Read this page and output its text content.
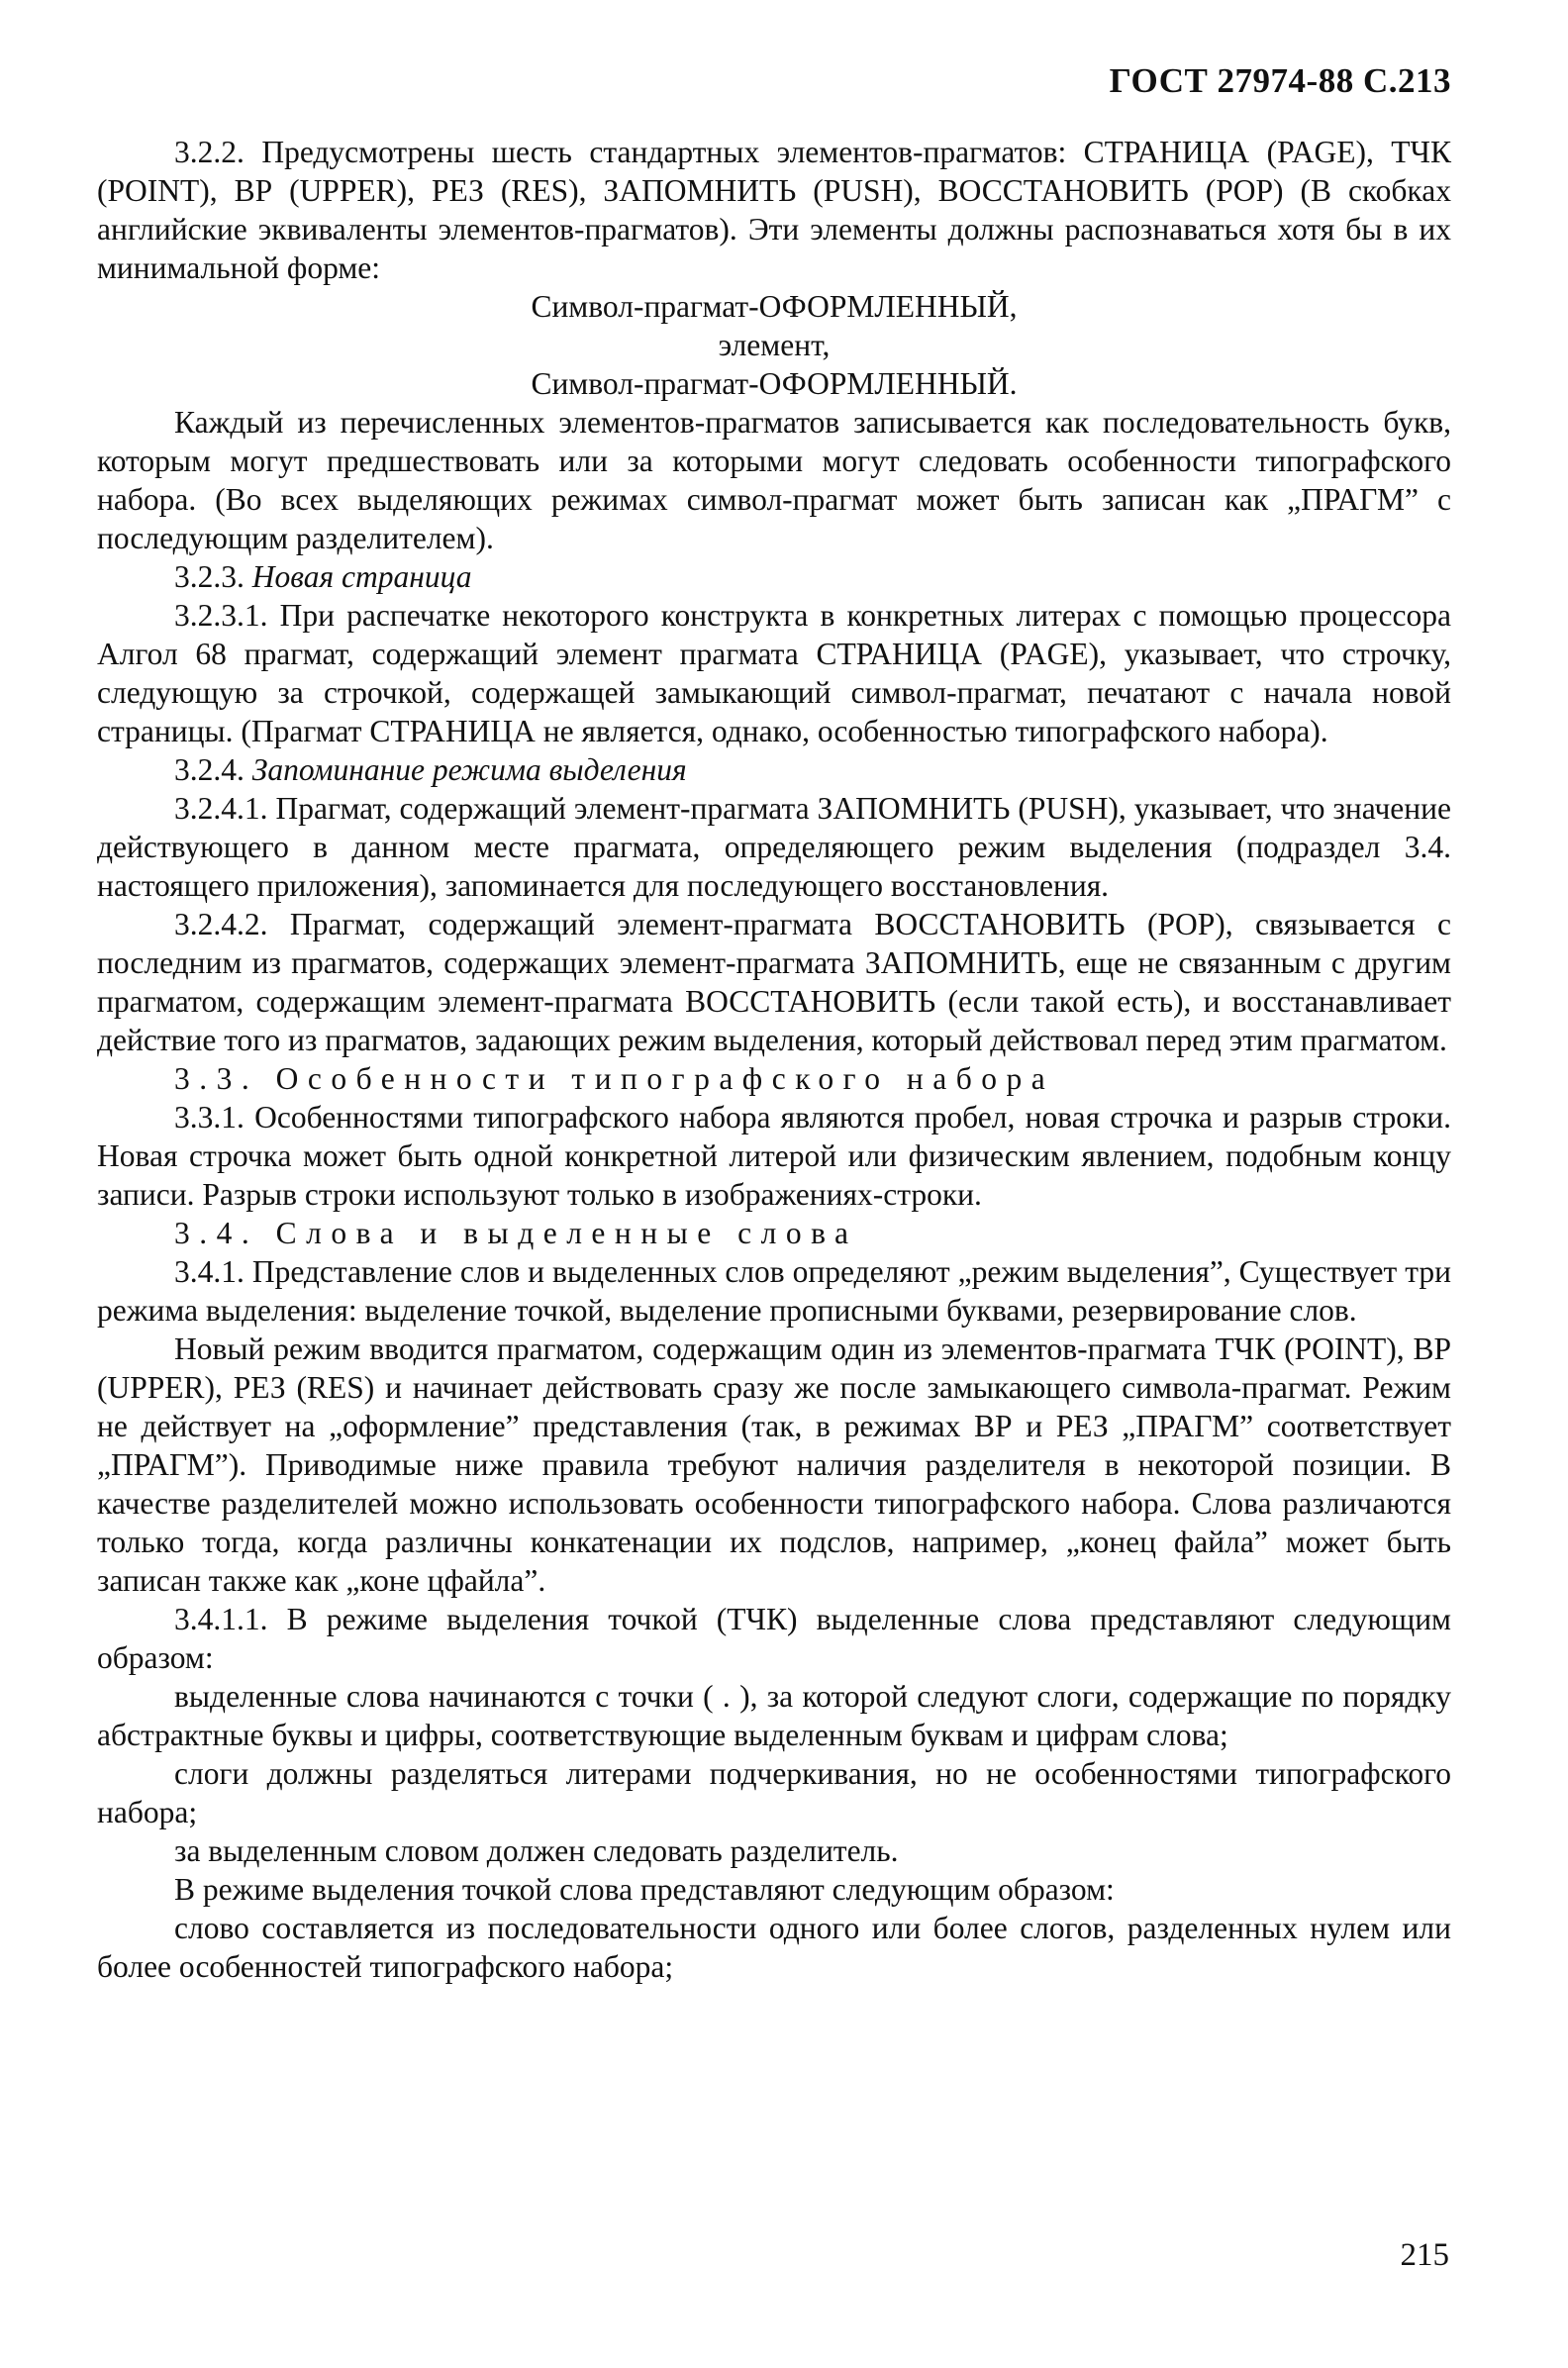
ГОСТ 27974-88 С.213

3.2.2. Предусмотрены шесть стандартных элементов-прагматов: СТРАНИЦА (PAGE), ТЧК (POINT), ВР (UPPER), РЕЗ (RES), ЗАПОМНИТЬ (PUSH), ВОССТАНОВИТЬ (POP) (В скобках английские эквиваленты элементов-прагматов). Эти элементы должны распознаваться хотя бы в их минимальной форме:

Символ-прагмат-ОФОРМЛЕННЫЙ,

элемент,

Символ-прагмат-ОФОРМЛЕННЫЙ.

Каждый из перечисленных элементов-прагматов записывается как последовательность букв, которым могут предшествовать или за которыми могут следовать особенности типографского набора. (Во всех выделяющих режимах символ-прагмат может быть записан как „ПРАГМ” с последующим разделителем).

3.2.3. Новая страница

3.2.3.1. При распечатке некоторого конструкта в конкретных литерах с помощью процессора Алгол 68 прагмат, содержащий элемент прагмата СТРАНИЦА (PAGE), указывает, что строчку, следующую за строчкой, содержащей замыкающий символ-прагмат, печатают с начала новой страницы. (Прагмат СТРАНИЦА не является, однако, особенностью типографского набора).

3.2.4. Запоминание режима выделения

3.2.4.1. Прагмат, содержащий элемент-прагмата ЗАПОМНИТЬ (PUSH), указывает, что значение действующего в данном месте прагмата, определяющего режим выделения (подраздел 3.4. настоящего приложения), запоминается для последующего восстановления.

3.2.4.2. Прагмат, содержащий элемент-прагмата ВОССТАНОВИТЬ (POP), связывается с последним из прагматов, содержащих элемент-прагмата ЗАПОМНИТЬ, еще не связанным с другим прагматом, содержащим элемент-прагмата ВОССТАНОВИТЬ (если такой есть), и восстанавливает действие того из прагматов, задающих режим выделения, который действовал перед этим прагматом.

3.3. Особенности типографского набора

3.3.1. Особенностями типографского набора являются пробел, новая строчка и разрыв строки. Новая строчка может быть одной конкретной литерой или физическим явлением, подобным концу записи. Разрыв строки используют только в изображениях-строки.

3.4. Слова и выделенные слова

3.4.1. Представление слов и выделенных слов определяют „режим выделения”, Существует три режима выделения: выделение точкой, выделение прописными буквами, резервирование слов.

Новый режим вводится прагматом, содержащим один из элементов-прагмата ТЧК (POINT), ВР (UPPER), РЕЗ (RES) и начинает действовать сразу же после замыкающего символа-прагмат. Режим не действует на „оформление” представления (так, в режимах ВР и РЕЗ „ПРАГМ” соответствует „ПРАГМ”). Приводимые ниже правила требуют наличия разделителя в некоторой позиции. В качестве разделителей можно использовать особенности типографского набора. Слова различаются только тогда, когда различны конкатенации их подслов, например, „конец файла” может быть записан также как „коне цфайла”.

3.4.1.1. В режиме выделения точкой (ТЧК) выделенные слова представляют следующим образом:

выделенные слова начинаются с точки ( . ), за которой следуют слоги, содержащие по порядку абстрактные буквы и цифры, соответствующие выделенным буквам и цифрам слова;

слоги должны разделяться литерами подчеркивания, но не особенностями типографского набора;

за выделенным словом должен следовать разделитель.

В режиме выделения точкой слова представляют следующим образом:

слово составляется из последовательности одного или более слогов, разделенных нулем или более особенностей типографского набора;

215
